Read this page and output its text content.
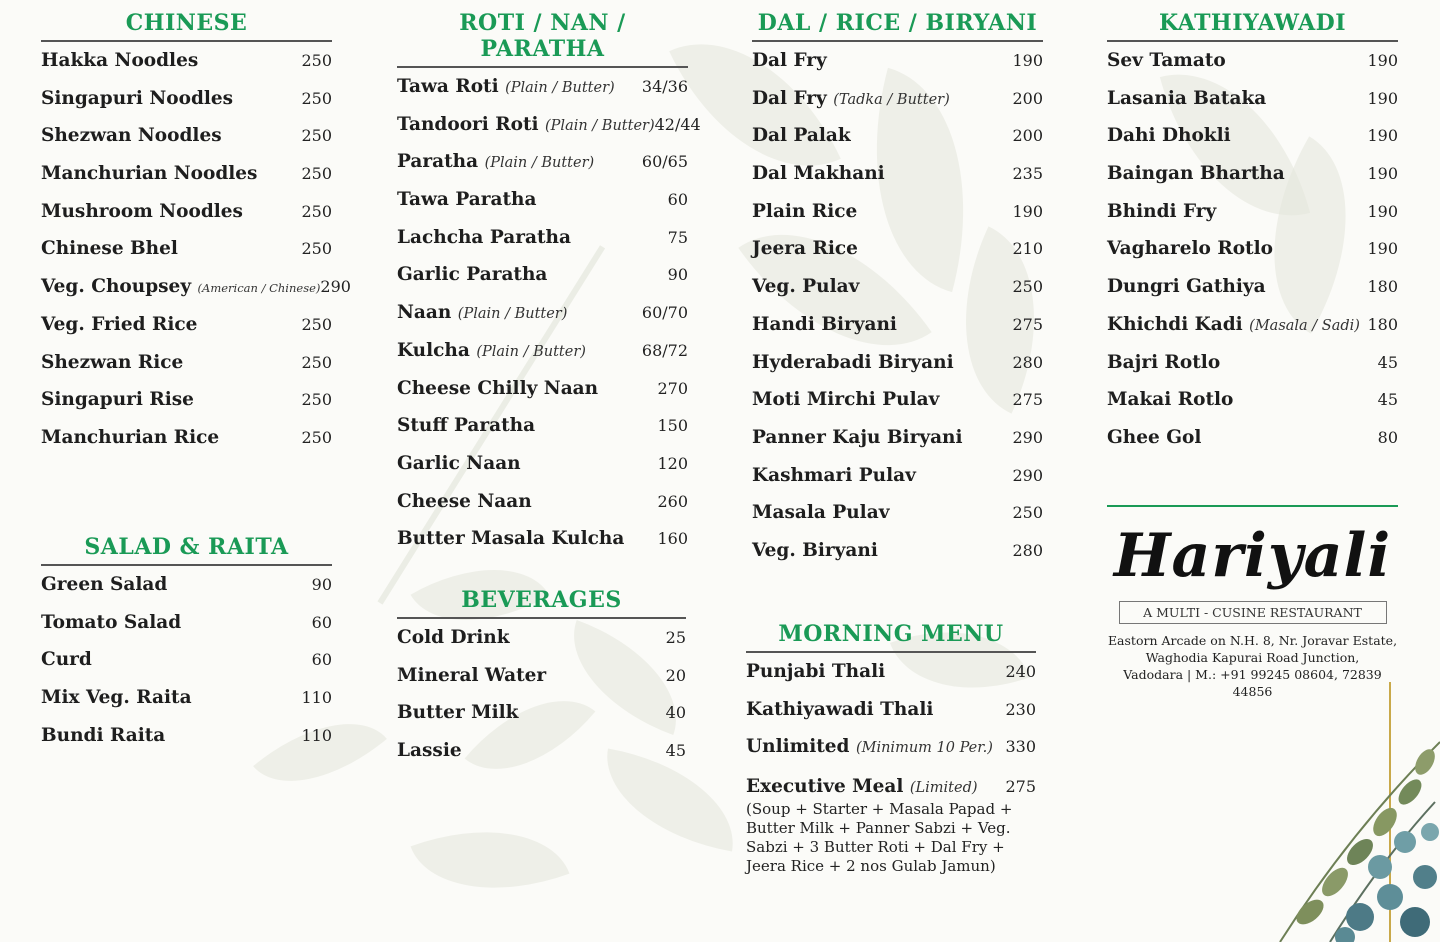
CHINESE
Hakka Noodles	250
Singapuri Noodles	250
Shezwan Noodles	250
Manchurian Noodles	250
Mushroom Noodles	250
Chinese Bhel	250
Veg. Choupsey (American / Chinese) 290
Veg. Fried Rice	250
Shezwan Rice	250
Singapuri Rise	250
Manchurian Rice	250
SALAD & RAITA
Green Salad	90
Tomato Salad	60
Curd	60
Mix Veg. Raita	110
Bundi Raita	110
ROTI / NAN / PARATHA
Tawa Roti (Plain / Butter) 34/36
Tandoori Roti (Plain / Butter) 42/44
Paratha (Plain / Butter)	60/65
Tawa Paratha	60
Lachcha Paratha	75
Garlic Paratha	90
Naan (Plain / Butter)	60/70
Kulcha (Plain / Butter)	68/72
Cheese Chilly Naan	270
Stuff Paratha	150
Garlic Naan	120
Cheese Naan	260
Butter Masala Kulcha 160
BEVERAGES
Cold Drink	25
Mineral Water	20
Butter Milk	40
Lassie	45
DAL / RICE / BIRYANI
Dal Fry	190
Dal Fry (Tadka / Butter)	200
Dal Palak	200
Dal Makhani	235
Plain Rice	190
Jeera Rice	210
Veg. Pulav	250
Handi Biryani	275
Hyderabadi Biryani	280
Moti Mirchi Pulav	275
Panner Kaju Biryani	290
Kashmari Pulav	290
Masala Pulav	250
Veg. Biryani	280
MORNING MENU
Punjabi Thali	240
Kathiyawadi Thali	230
Unlimited (Minimum 10 Per.) 330
Executive Meal (Limited) 275
(Soup + Starter + Masala Papad + Butter Milk + Panner Sabzi + Veg. Sabzi + 3 Butter Roti + Dal Fry + Jeera Rice + 2 nos Gulab Jamun)
KATHIYAWADI
Sev Tamato	190
Lasania Bataka	190
Dahi Dhokli	190
Baingan Bhartha	190
Bhindi Fry	190
Vagharelo Rotlo	190
Dungri Gathiya	180
Khichdi Kadi (Masala / Sadi) 180
Bajri Rotlo	45
Makai Rotlo	45
Ghee Gol	80
Hariyali
A MULTI - CUSINE RESTAURANT
Eastorn Arcade on N.H. 8, Nr. Joravar Estate,
Waghodia Kapurai Road Junction,
Vadodara | M.: +91 99245 08604, 72839 44856
